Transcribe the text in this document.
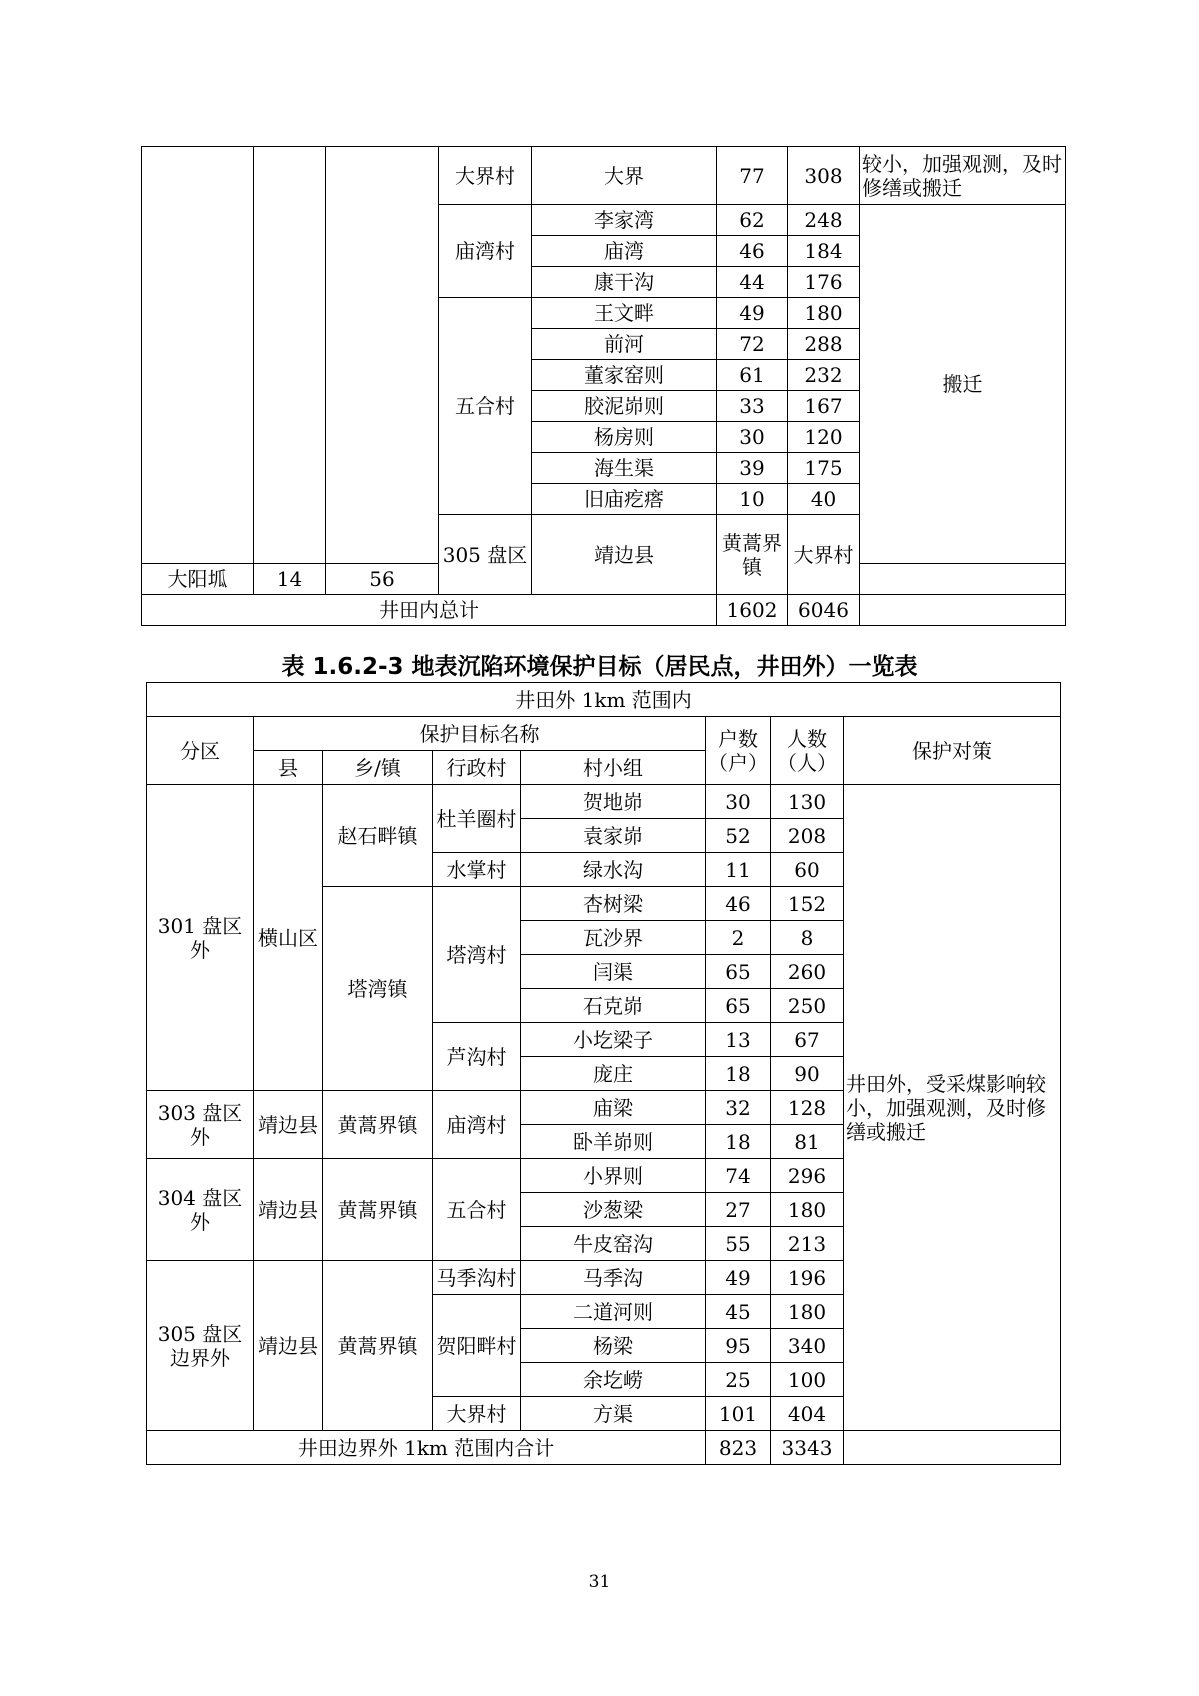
			大界村	大界	77	308	较小，加强观测，及时修缮或搬迁	
			庙湾村	李家湾	62	248	搬迁	
				庙湾	46	184		
				康干沟	44	176		
			五合村	王文畔	49	180		
				前河	72	288		
				董家窑则	61	232		
				胶泥峁则	33	167		
				杨房则	30	120		
				海生渠	39	175		
				旧庙疙瘩	10	40		
			305 盘区	靖边县	黄蒿界镇	大界村				
大阳坬	14	56						
井田内总计					1602	6046		
表 1.6.2-3 地表沉陷环境保护目标（居民点，井田外）一览表
井田外 1km 范围内							
分区	保护目标名称				户数（户）	人数（人）	保护对策
	县	乡/镇	行政村	村小组			
301 盘区外	横山区	赵石畔镇	杜羊圈村	贺地峁	30	130	井田外，受采煤影响较小，加强观测，及时修缮或搬迁
				袁家峁	52	208	
			水掌村	绿水沟	11	60	
		塔湾镇	塔湾村	杏树梁	46	152	
				瓦沙界	2	8	
				闫渠	65	260	
				石克峁	65	250	
			芦沟村	小圪梁子	13	67	
				庞庄	18	90	
303 盘区外	靖边县	黄蒿界镇	庙湾村	庙梁	32	128	
				卧羊峁则	18	81	
304 盘区外	靖边县	黄蒿界镇	五合村	小界则	74	296	
				沙葱梁	27	180	
				牛皮窑沟	55	213	
305 盘区边界外	靖边县	黄蒿界镇	马季沟村	马季沟	49	196	
			贺阳畔村	二道河则	45	180	
				杨梁	95	340	
				余圪崂	25	100	
			大界村	方渠	101	404	
井田边界外 1km 范围内合计					823	3343	
31
